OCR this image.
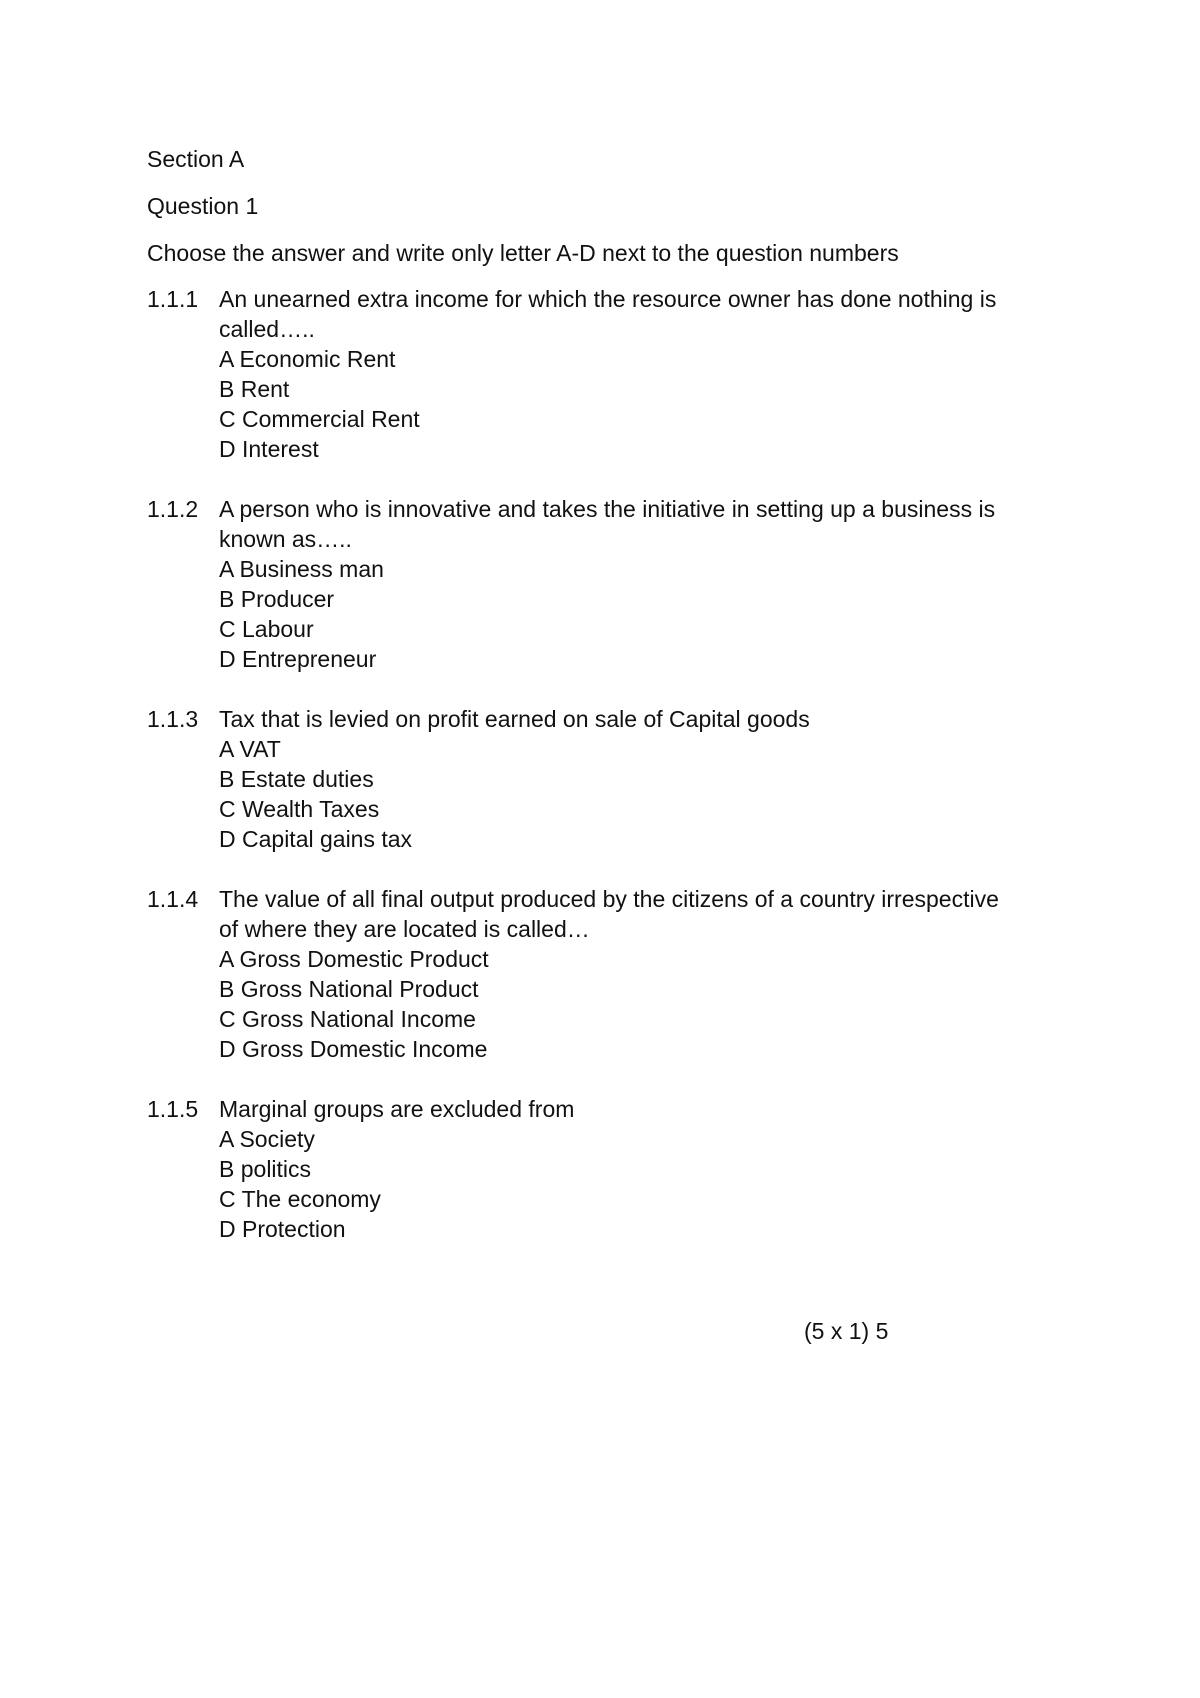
Section A
Question 1
Choose the answer and write only letter A-D next to the question numbers
1.1.1 An unearned extra income for which the resource owner has done nothing is
called…..
A Economic Rent
B Rent
C Commercial Rent
D Interest
1.1.2 A person who is innovative and takes the initiative in setting up a business is
known as…..
A Business man
B Producer
C Labour
D Entrepreneur
1.1.3 Tax that is levied on profit earned on sale of Capital goods
A VAT
B Estate duties
C Wealth Taxes
D Capital gains tax
1.1.4 The value of all final output produced by the citizens of a country irrespective
of where they are located is called…
A Gross Domestic Product
B Gross National Product
C Gross National Income
D Gross Domestic Income
1.1.5 Marginal groups are excluded from
A Society
B politics
C The economy
D Protection
(5 x 1) 5
